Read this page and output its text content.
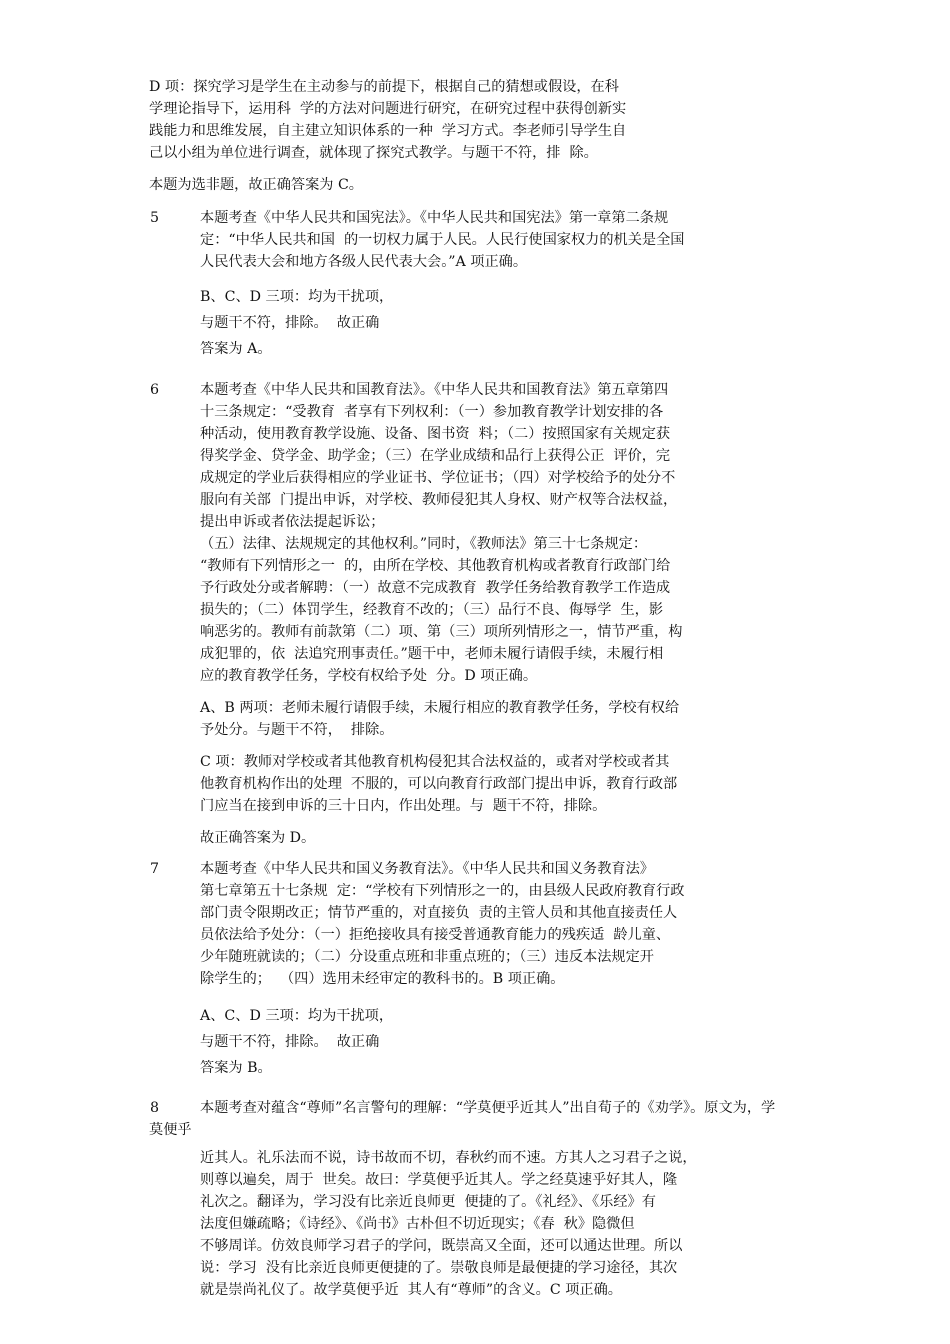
D 项：探究学习是学生在主动参与的前提下，根据自己的猜想或假设，在科
学理论指导下，运用科  学的方法对问题进行研究，在研究过程中获得创新实
践能力和思维发展，自主建立知识体系的一种  学习方式。李老师引导学生自
己以小组为单位进行调查，就体现了探究式教学。与题干不符，排  除。
本题为选非题，故正确答案为 C。
5	本题考查《中华人民共和国宪法》。《中华人民共和国宪法》第一章第二条规
定：“中华人民共和国  的一切权力属于人民。人民行使国家权力的机关是全国
人民代表大会和地方各级人民代表大会。”A 项正确。
B、C、D 三项：均为干扰项，
与题干不符，排除。  故正确
答案为 A。
6	本题考查《中华人民共和国教育法》。《中华人民共和国教育法》第五章第四
十三条规定：“受教育  者享有下列权利：（一）参加教育教学计划安排的各
种活动，使用教育教学设施、设备、图书资  料；（二）按照国家有关规定获
得奖学金、贷学金、助学金；（三）在学业成绩和品行上获得公正  评价，完
成规定的学业后获得相应的学业证书、学位证书；（四）对学校给予的处分不
服向有关部  门提出申诉，对学校、教师侵犯其人身权、财产权等合法权益，
提出申诉或者依法提起诉讼；
（五）法律、法规规定的其他权利。”同时，《教师法》第三十七条规定：
“教师有下列情形之一  的，由所在学校、其他教育机构或者教育行政部门给
予行政处分或者解聘：（一）故意不完成教育  教学任务给教育教学工作造成
损失的；（二）体罚学生，经教育不改的；（三）品行不良、侮辱学  生，影
响恶劣的。教师有前款第（二）项、第（三）项所列情形之一，情节严重，构
成犯罪的，依  法追究刑事责任。”题干中，老师未履行请假手续，未履行相
应的教育教学任务，学校有权给予处  分。D 项正确。
A、B 两项：老师未履行请假手续，未履行相应的教育教学任务，学校有权给
予处分。与题干不符，  排除。
C 项：教师对学校或者其他教育机构侵犯其合法权益的，或者对学校或者其
他教育机构作出的处理  不服的，可以向教育行政部门提出申诉，教育行政部
门应当在接到申诉的三十日内，作出处理。与  题干不符，排除。
故正确答案为 D。
7	本题考查《中华人民共和国义务教育法》。《中华人民共和国义务教育法》
第七章第五十七条规  定：“学校有下列情形之一的，由县级人民政府教育行政
部门责令限期改正；情节严重的，对直接负  责的主管人员和其他直接责任人
员依法给予处分：（一）拒绝接收具有接受普通教育能力的残疾适  龄儿童、
少年随班就读的；（二）分设重点班和非重点班的；（三）违反本法规定开
除学生的；  （四）选用未经审定的教科书的。B 项正确。
A、C、D 三项：均为干扰项，
与题干不符，排除。  故正确
答案为 B。
8	本题考查对蕴含“尊师”名言警句的理解：“学莫便乎近其人”出自荀子的《劝学》。原文为，学
莫便乎
近其人。礼乐法而不说，诗书故而不切，春秋约而不速。方其人之习君子之说，
则尊以遍矣，周于  世矣。故曰：学莫便乎近其人。学之经莫速乎好其人，隆
礼次之。翻译为，学习没有比亲近良师更  便捷的了。《礼经》、《乐经》有
法度但嫌疏略；《诗经》、《尚书》古朴但不切近现实；《春  秋》隐微但
不够周详。仿效良师学习君子的学问，既崇高又全面，还可以通达世理。所以
说：学习  没有比亲近良师更便捷的了。崇敬良师是最便捷的学习途径，其次
就是崇尚礼仪了。故学莫便乎近  其人有“尊师”的含义。C 项正确。
